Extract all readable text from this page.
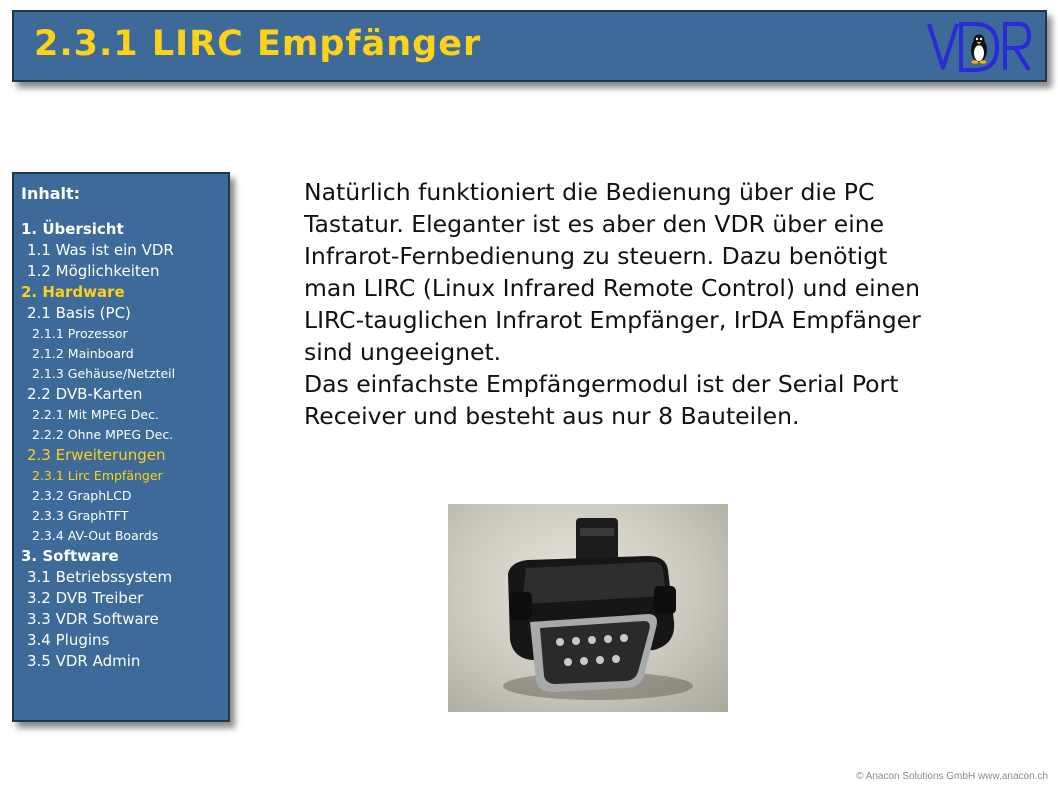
2.3.1 LIRC Empfänger
Inhalt:
1. Übersicht
1.1 Was ist ein VDR
1.2 Möglichkeiten
2. Hardware
2.1 Basis (PC)
2.1.1 Prozessor
2.1.2 Mainboard
2.1.3 Gehäuse/Netzteil
2.2 DVB-Karten
2.2.1 Mit MPEG Dec.
2.2.2 Ohne MPEG Dec.
2.3 Erweiterungen
2.3.1 Lirc Empfänger
2.3.2 GraphLCD
2.3.3 GraphTFT
2.3.4 AV-Out Boards
3. Software
3.1 Betriebssystem
3.2 DVB Treiber
3.3 VDR Software
3.4 Plugins
3.5 VDR Admin

Natürlich funktioniert die Bedienung über die PC Tastatur. Eleganter ist es aber den VDR über eine Infrarot-Fernbedienung zu steuern. Dazu benötigt man LIRC (Linux Infrared Remote Control) und einen LIRC-tauglichen Infrarot Empfänger, IrDA Empfänger sind ungeeignet.

Das einfachste Empfängermodul ist der Serial Port Receiver und besteht aus nur 8 Bauteilen.

© Anacon Solutions GmbH www.anacon.ch
